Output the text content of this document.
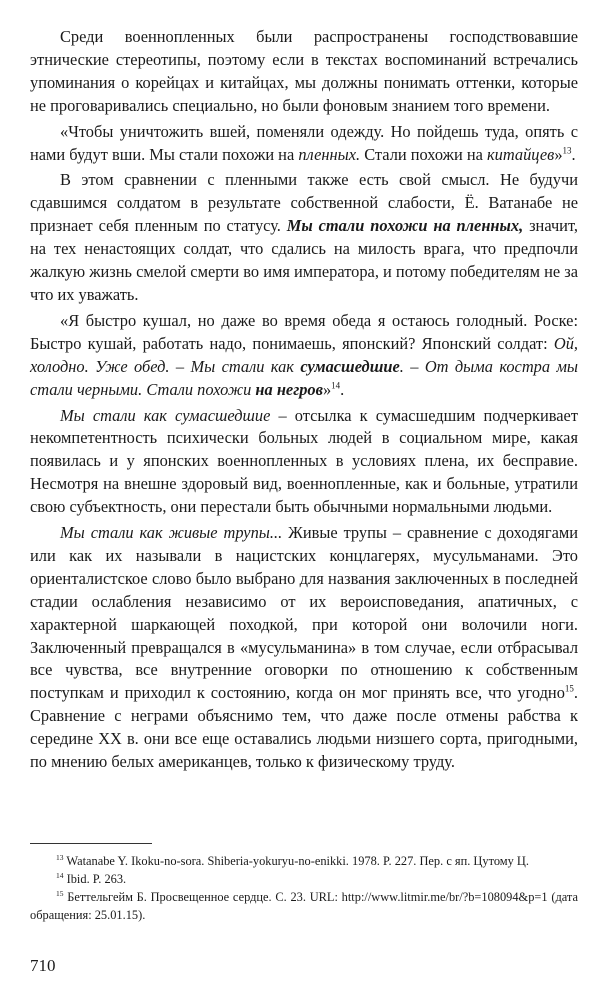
Среди военнопленных были распространены господствовавшие этнические стереотипы, поэтому если в текстах воспоминаний встречались упоминания о корейцах и китайцах, мы должны понимать оттенки, которые не проговаривались специально, но были фоновым знанием того времени.

«Чтобы уничтожить вшей, поменяли одежду. Но пойдешь туда, опять с нами будут вши. Мы стали похожи на пленных. Стали похожи на китайцев»$^{13}$.

В этом сравнении с пленными также есть свой смысл. Не будучи сдавшимся солдатом в результате собственной слабости, Ё. Ватанабе не признает себя пленным по статусу. Мы стали похожи на пленных, значит, на тех ненастоящих солдат, что сдались на милость врага, что предпочли жалкую жизнь смелой смерти во имя императора, и потому победителям не за что их уважать.

«Я быстро кушал, но даже во время обеда я остаюсь голодный. Роске: Быстро кушай, работать надо, понимаешь, японский? Японский солдат: Ой, холодно. Уже обед. – Мы стали как сумасшедшие. – От дыма костра мы стали черными. Стали похожи на негров»$^{14}$.

Мы стали как сумасшедшие – отсылка к сумасшедшим подчеркивает некомпетентность психически больных людей в социальном мире, какая появилась и у японских военнопленных в условиях плена, их бесправие. Несмотря на внешне здоровый вид, военнопленные, как и больные, утратили свою субъектность, они перестали быть обычными нормальными людьми.

Мы стали как живые трупы... Живые трупы – сравнение с доходягами или как их называли в нацистских концлагерях, мусульманами. Это ориенталистское слово было выбрано для названия заключенных в последней стадии ослабления независимо от их вероисповедания, апатичных, с характерной шаркающей походкой, при которой они волочили ноги. Заключенный превращался в «мусульманина» в том случае, если отбрасывал все чувства, все внутренние оговорки по отношению к собственным поступкам и приходил к состоянию, когда он мог принять все, что угодно$^{15}$. Сравнение с неграми объяснимо тем, что даже после отмены рабства к середине XX в. они все еще оставались людьми низшего сорта, пригодными, по мнению белых американцев, только к физическому труду.

$^{13}$ Watanabe Y. Ikoku-no-sora. Shiberia-yokuryu-no-enikki. 1978. P. 227. Пер. с яп. Цутому Ц.

$^{14}$ Ibid. P. 263.

$^{15}$ Беттельгейм Б. Просвещенное сердце. С. 23. URL: http://www.litmir.me/br/?b=108094&p=1 (дата обращения: 25.01.15).

710
